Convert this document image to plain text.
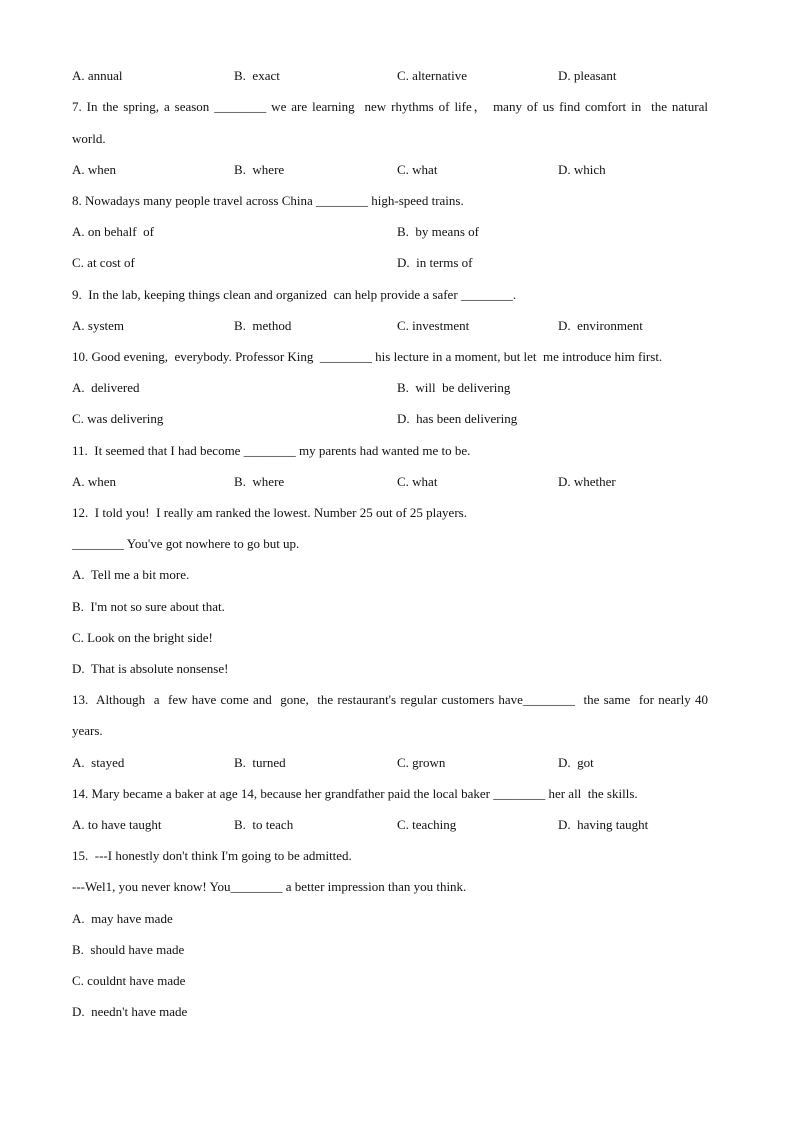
A. annual	B.  exact	C. alternative	D. pleasant
7. In the spring, a season ________ we are learning  new rhythms of life， many of us find comfort in  the natural
world.
A. when	B.  where	C. what	D. which
8. Nowadays many people travel across China ________ high-speed trains.
A. on behalf  of	B.  by means of
C. at cost of	D.  in terms of
9.  In the lab, keeping things clean and organized  can help provide a safer ________.
A. system	B.  method	C. investment	D.  environment
10. Good evening,  everybody. Professor King  ________ his lecture in a moment, but let  me introduce him first.
A.  delivered	B.  will  be delivering
C. was delivering	D.  has been delivering
11.  It seemed that I had become ________ my parents had wanted me to be.
A. when	B.  where	C. what	D. whether
12.  I told you!  I really am ranked the lowest. Number 25 out of 25 players.
________ You've got nowhere to go but up.
A.  Tell me a bit more.
B.  I'm not so sure about that.
C. Look on the bright side!
D.  That is absolute nonsense!
13.  Although  a  few have come and  gone,  the restaurant's regular customers have________  the same  for nearly 40
years.
A.  stayed	B.  turned	C. grown	D.  got
14. Mary became a baker at age 14, because her grandfather paid the local baker ________ her all  the skills.
A. to have taught	B.  to teach	C. teaching	D.  having taught
15.  ---I honestly don't think I'm going to be admitted.
---Wel1, you never know! You________ a better impression than you think.
A.  may have made
B.  should have made
C. couldnt have made
D.  needn't have made
